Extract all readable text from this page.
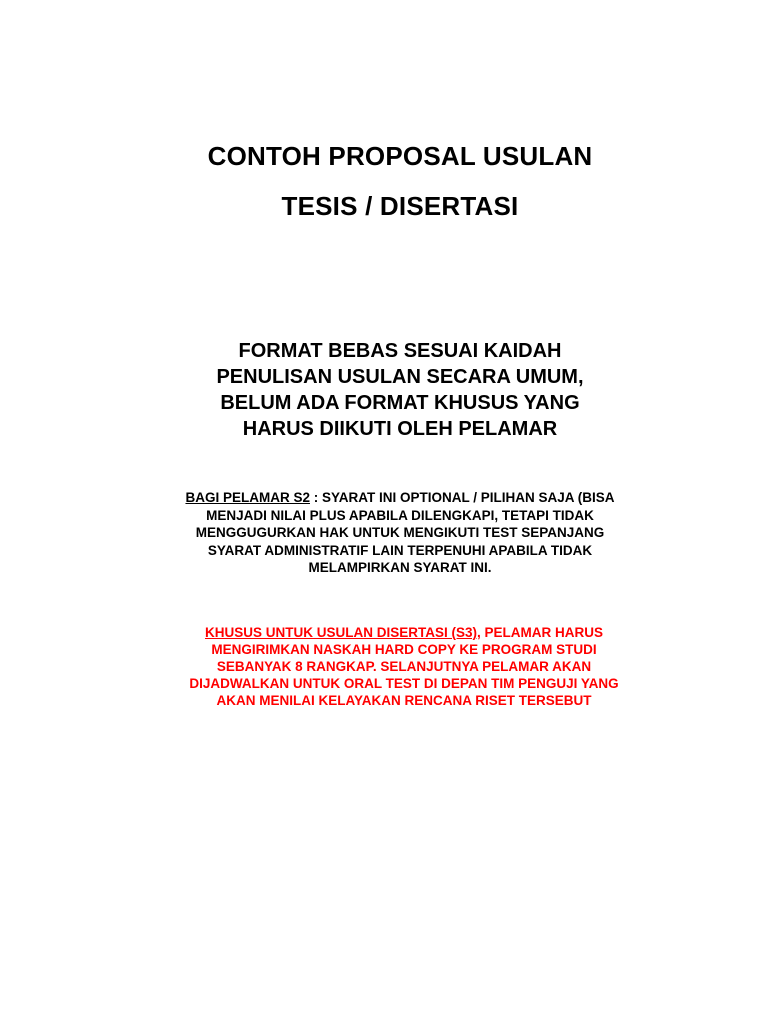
CONTOH PROPOSAL USULAN
TESIS / DISERTASI
FORMAT BEBAS SESUAI KAIDAH
PENULISAN USULAN SECARA UMUM,
BELUM ADA FORMAT KHUSUS YANG
HARUS DIIKUTI OLEH PELAMAR
BAGI PELAMAR S2 : SYARAT INI OPTIONAL / PILIHAN SAJA (BISA
MENJADI NILAI PLUS APABILA DILENGKAPI, TETAPI TIDAK
MENGGUGURKAN HAK UNTUK MENGIKUTI TEST SEPANJANG
SYARAT ADMINISTRATIF LAIN TERPENUHI APABILA TIDAK
MELAMPIRKAN SYARAT INI.
KHUSUS UNTUK USULAN DISERTASI (S3), PELAMAR HARUS
MENGIRIMKAN NASKAH HARD COPY KE PROGRAM STUDI
SEBANYAK 8 RANGKAP. SELANJUTNYA PELAMAR AKAN
DIJADWALKAN UNTUK ORAL TEST DI DEPAN TIM PENGUJI YANG
AKAN MENILAI KELAYAKAN RENCANA RISET TERSEBUT
